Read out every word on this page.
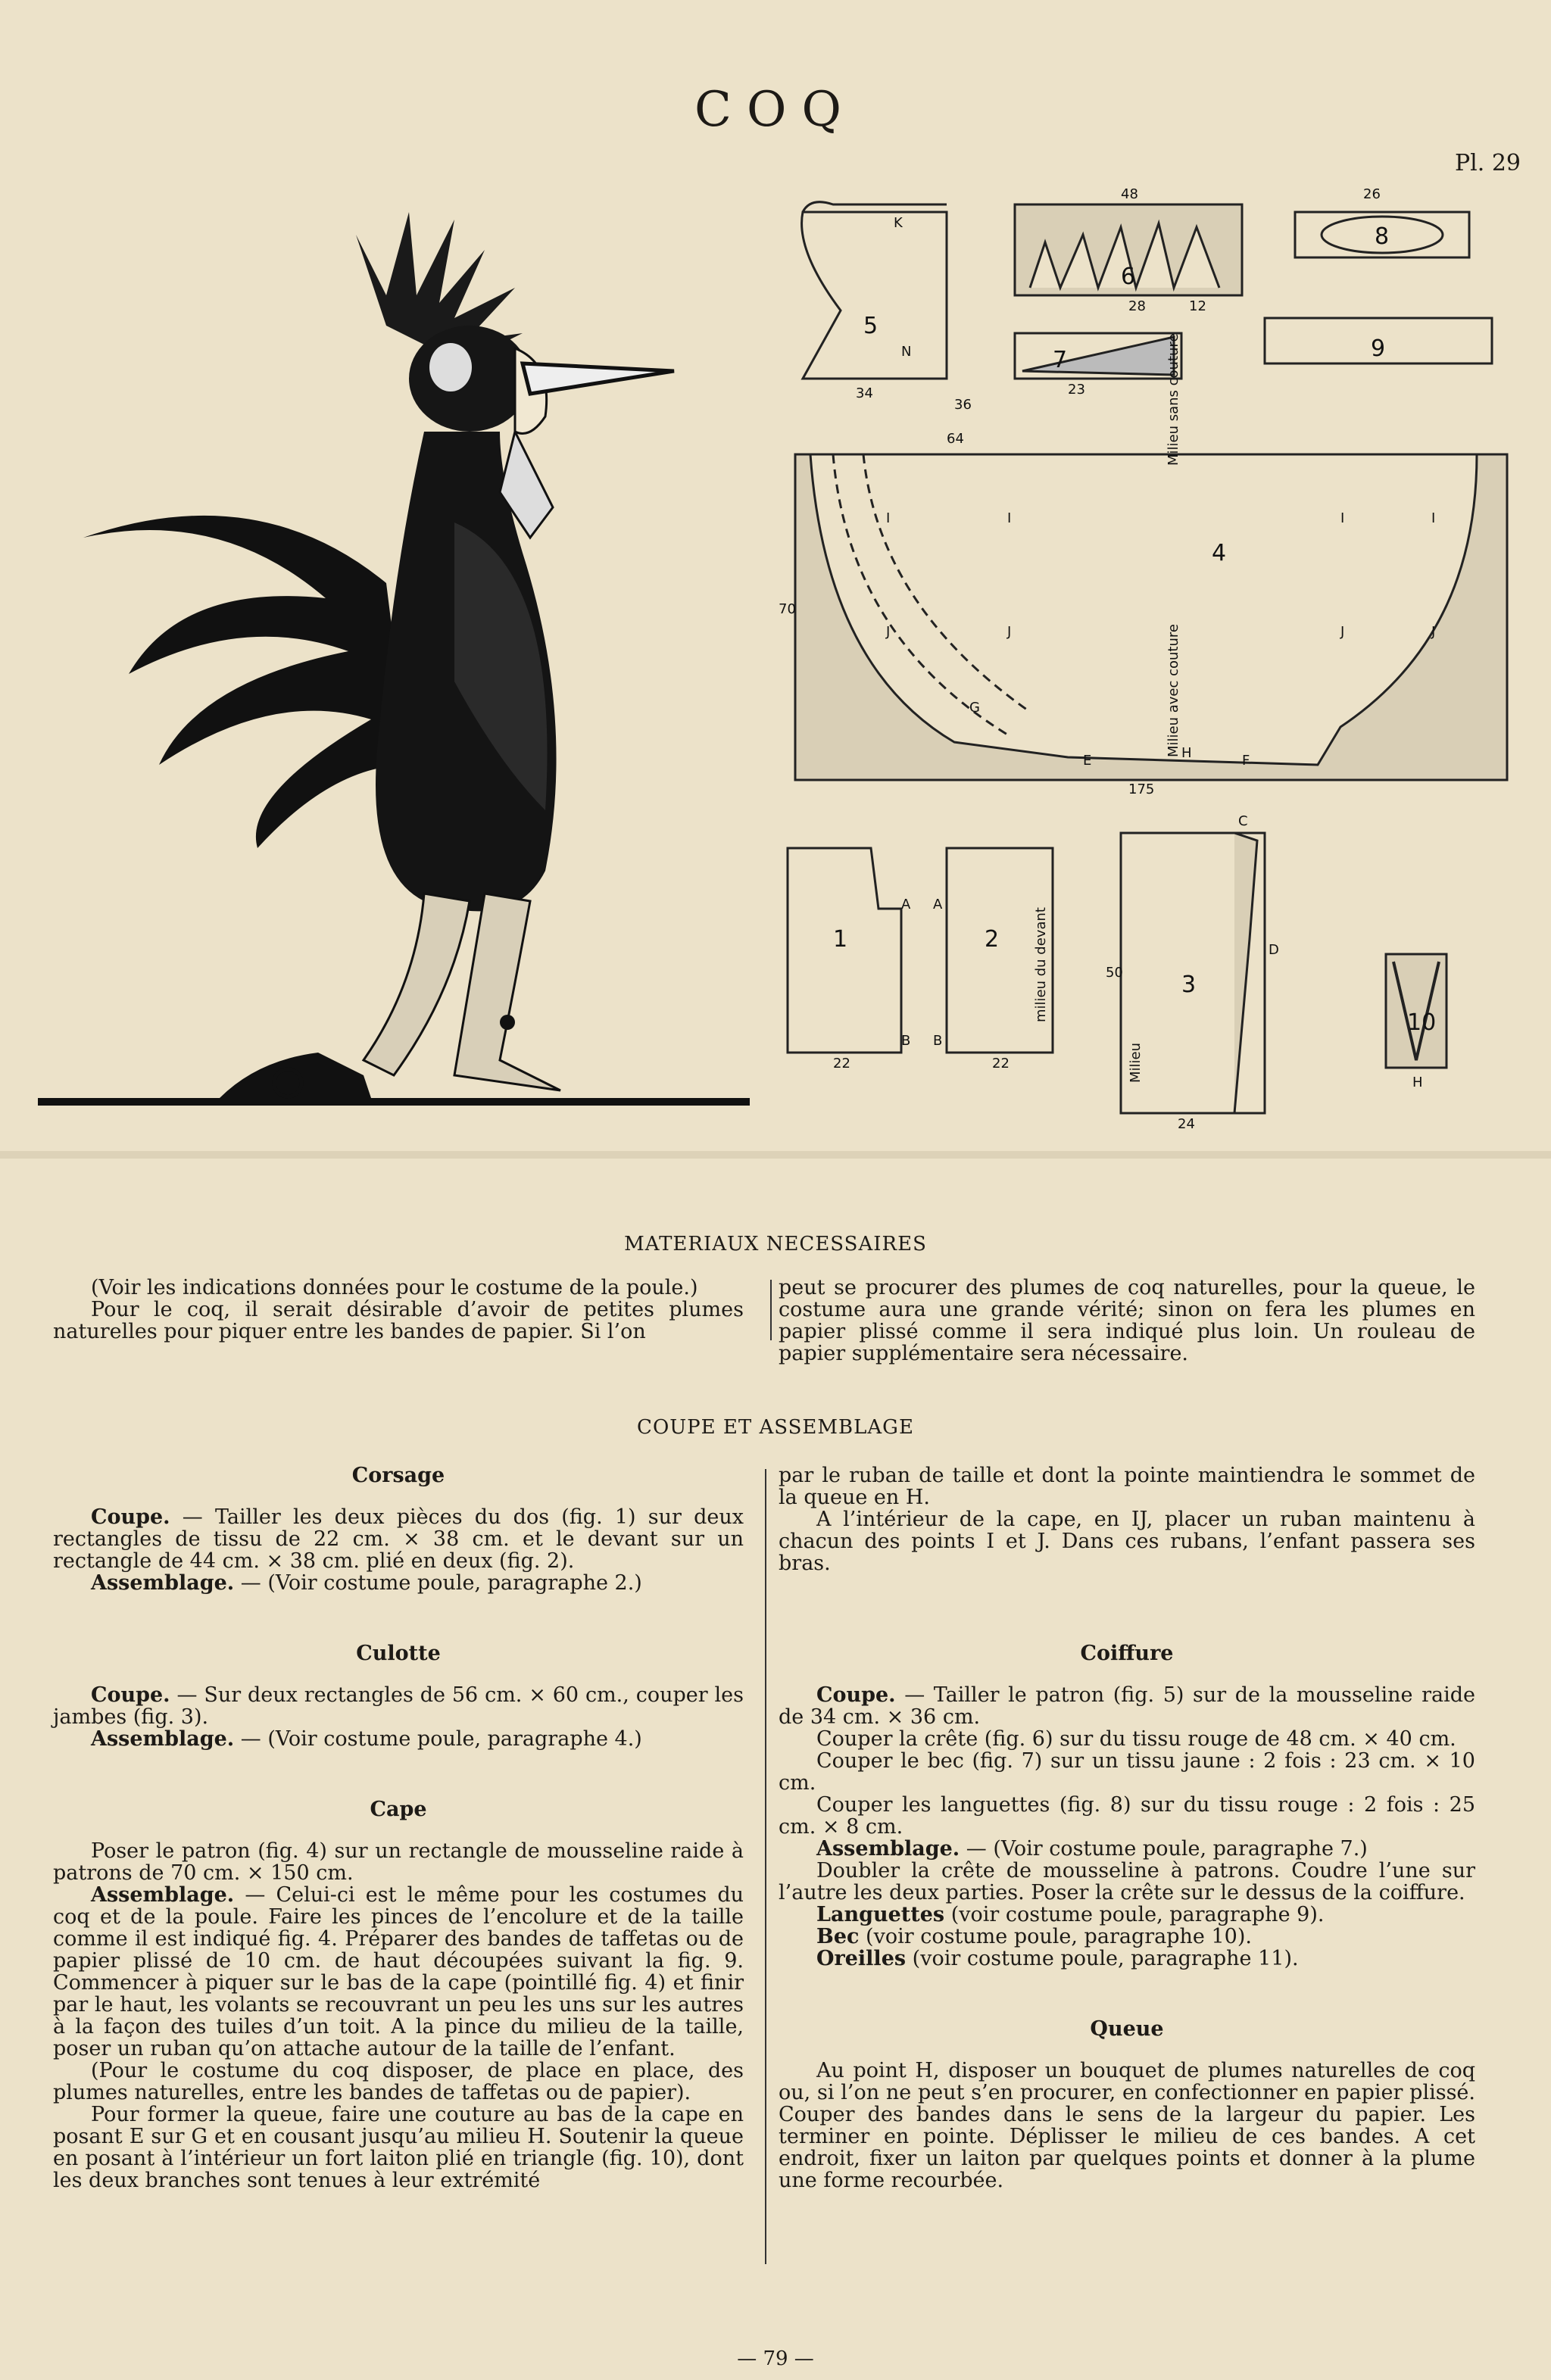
COQ
Pl. 29
5
6
7
8
9
4
1	2
3
10
34
48
28	12
23
26
36
64
175
70
22	22
50
24
Milieu sans couture
Milieu avec couture
milieu du devant
Milieu
I	I	I	I
J	J	J	J
E	F
G
H
A A
B B
C
D
K
N
H
MATERIAUX NECESSAIRES

(Voir les indications données pour le costume de la poule.)

Pour le coq, il serait désirable d’avoir de petites plumes naturelles pour piquer entre les bandes de papier. Si l’on

peut se procurer des plumes de coq naturelles, pour la queue, le costume aura une grande vérité; sinon on fera les plumes en papier plissé comme il sera indiqué plus loin. Un rouleau de papier supplémentaire sera nécessaire.

COUPE ET ASSEMBLAGE

Corsage

Coupe. — Tailler les deux pièces du dos (fig. 1) sur deux rectangles de tissu de 22 cm. × 38 cm. et le devant sur un rectangle de 44 cm. × 38 cm. plié en deux (fig. 2).

Assemblage. — (Voir costume poule, paragraphe 2.)

Culotte

Coupe. — Sur deux rectangles de 56 cm. × 60 cm., couper les jambes (fig. 3).

Assemblage. — (Voir costume poule, paragraphe 4.)

Cape

Poser le patron (fig. 4) sur un rectangle de mousseline raide à patrons de 70 cm. × 150 cm.

Assemblage. — Celui-ci est le même pour les costumes du coq et de la poule. Faire les pinces de l’encolure et de la taille comme il est indiqué fig. 4. Préparer des bandes de taffetas ou de papier plissé de 10 cm. de haut découpées suivant la fig. 9. Commencer à piquer sur le bas de la cape (pointillé fig. 4) et finir par le haut, les volants se recouvrant un peu les uns sur les autres à la façon des tuiles d’un toit. A la pince du milieu de la taille, poser un ruban qu’on attache autour de la taille de l’enfant.

(Pour le costume du coq disposer, de place en place, des plumes naturelles, entre les bandes de taffetas ou de papier).

Pour former la queue, faire une couture au bas de la cape en posant E sur G et en cousant jusqu’au milieu H. Soutenir la queue en posant à l’intérieur un fort laiton plié en triangle (fig. 10), dont les deux branches sont tenues à leur extrémité

par le ruban de taille et dont la pointe maintiendra le sommet de la queue en H.

A l’intérieur de la cape, en IJ, placer un ruban maintenu à chacun des points I et J. Dans ces rubans, l’enfant passera ses bras.

Coiffure

Coupe. — Tailler le patron (fig. 5) sur de la mousseline raide de 34 cm. × 36 cm.

Couper la crête (fig. 6) sur du tissu rouge de 48 cm. × 40 cm.

Couper le bec (fig. 7) sur un tissu jaune : 2 fois : 23 cm. × 10 cm.

Couper les languettes (fig. 8) sur du tissu rouge : 2 fois : 25 cm. × 8 cm.

Assemblage. — (Voir costume poule, paragraphe 7.)

Doubler la crête de mousseline à patrons. Coudre l’une sur l’autre les deux parties. Poser la crête sur le dessus de la coiffure.

Languettes (voir costume poule, paragraphe 9).

Bec (voir costume poule, paragraphe 10).

Oreilles (voir costume poule, paragraphe 11).

Queue

Au point H, disposer un bouquet de plumes naturelles de coq ou, si l’on ne peut s’en procurer, en confectionner en papier plissé. Couper des bandes dans le sens de la largeur du papier. Les terminer en pointe. Déplisser le milieu de ces bandes. A cet endroit, fixer un laiton par quelques points et donner à la plume une forme recourbée.

— 79 —
